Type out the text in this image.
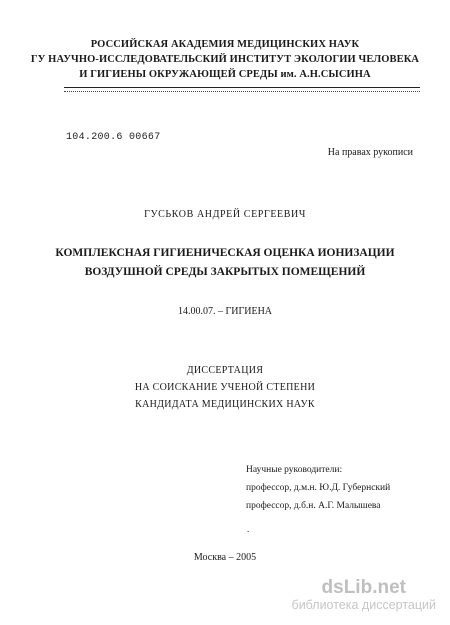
РОССИЙСКАЯ АКАДЕМИЯ МЕДИЦИНСКИХ НАУК
ГУ НАУЧНО-ИССЛЕДОВАТЕЛЬСКИЙ ИНСТИТУТ ЭКОЛОГИИ ЧЕЛОВЕКА
И ГИГИЕНЫ ОКРУЖАЮЩЕЙ СРЕДЫ им. А.Н.СЫСИНА
104.200.6 00667
На правах рукописи
ГУСЬКОВ АНДРЕЙ СЕРГЕЕВИЧ
КОМПЛЕКСНАЯ ГИГИЕНИЧЕСКАЯ ОЦЕНКА ИОНИЗАЦИИ
ВОЗДУШНОЙ СРЕДЫ ЗАКРЫТЫХ ПОМЕЩЕНИЙ
14.00.07. – ГИГИЕНА
ДИССЕРТАЦИЯ
НА СОИСКАНИЕ УЧЕНОЙ СТЕПЕНИ
КАНДИДАТА МЕДИЦИНСКИХ НАУК
Научные руководители:
профессор, д.м.н. Ю.Д. Губернский
профессор, д.б.н. А.Г. Малышева
.
Москва – 2005
dsLib.net
библиотека диссертаций
